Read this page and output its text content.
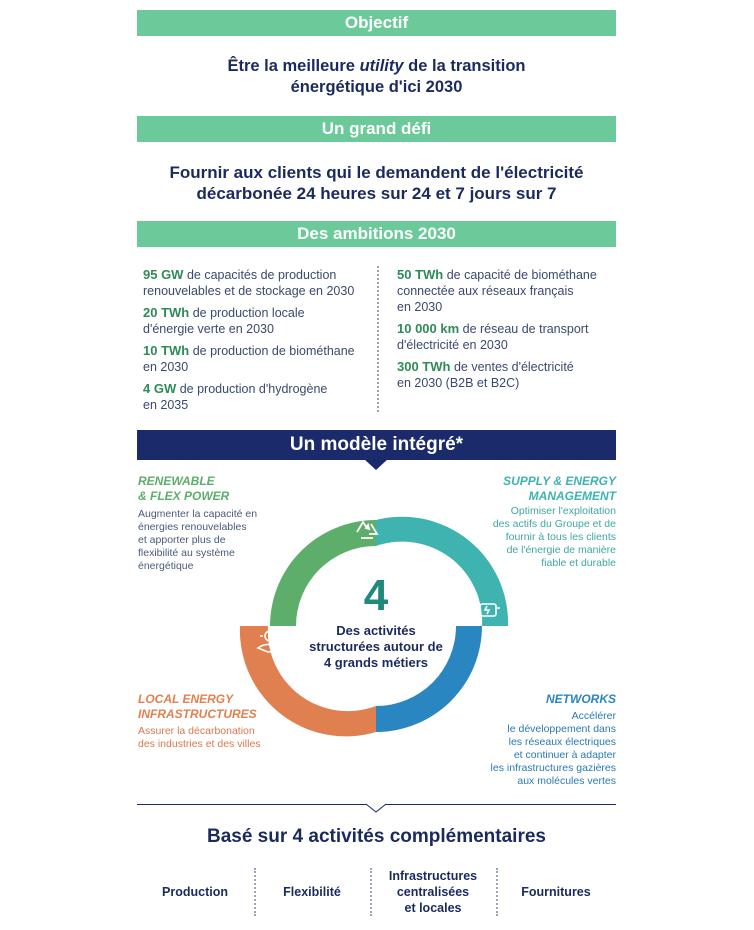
Objectif
Être la meilleure utility de la transition
énergétique d'ici 2030
Un grand défi
Fournir aux clients qui le demandent de l'électricité
décarbonée 24 heures sur 24 et 7 jours sur 7
Des ambitions 2030
95 GW de capacités de production
renouvelables et de stockage en 2030
20 TWh de production locale
d'énergie verte en 2030
10 TWh de production de biométhane
en 2030
4 GW de production d'hydrogène
en 2035
50 TWh de capacité de biométhane
connectée aux réseaux français
en 2030
10 000 km de réseau de transport
d'électricité en 2030
300 TWh de ventes d'électricité
en 2030 (B2B et B2C)
Un modèle intégré*
4
Des activités
structurées autour de
4 grands métiers
RENEWABLE
& FLEX POWER
Augmenter la capacité en
énergies renouvelables
et apporter plus de
flexibilité au système
énergétique
SUPPLY & ENERGY
MANAGEMENT
Optimiser l'exploitation
des actifs du Groupe et de
fournir à tous les clients
de l'énergie de manière
fiable et durable
LOCAL ENERGY
INFRASTRUCTURES
Assurer la décarbonation
des industries et des villes
NETWORKS
Accélérer
le développement dans
les réseaux électriques
et continuer à adapter
les infrastructures gazières
aux molécules vertes
Basé sur 4 activités complémentaires
Production	Flexibilité
Infrastructures
centralisées
et locales
Fournitures
